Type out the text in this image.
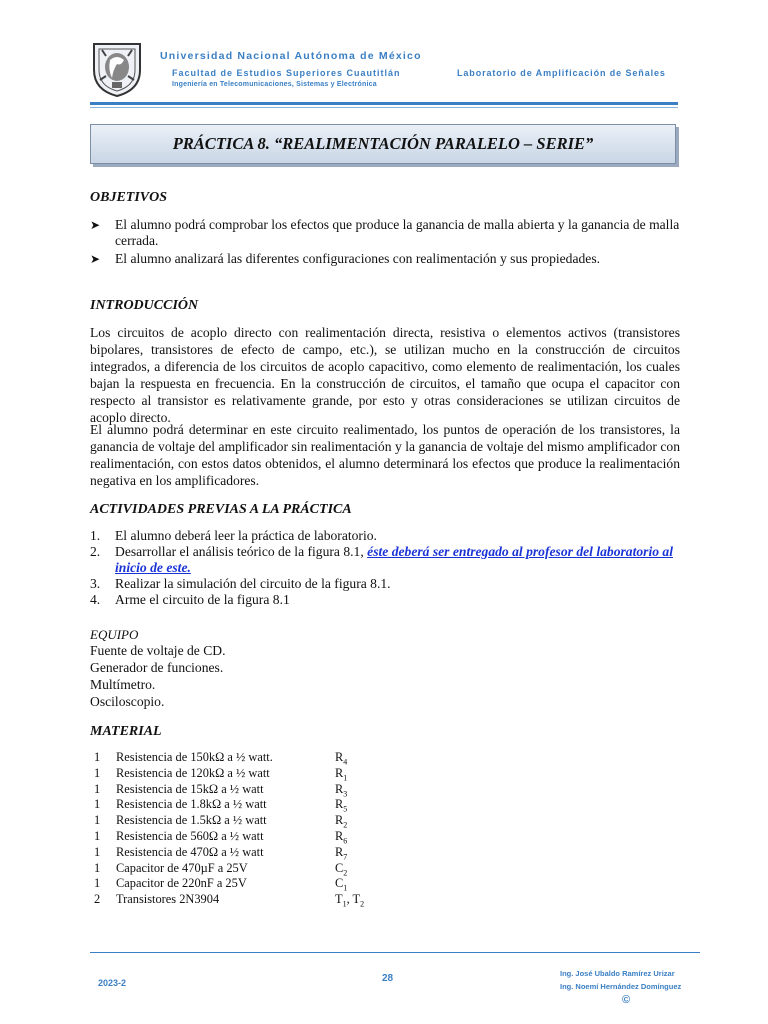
Universidad Nacional Autónoma de México
Facultad de Estudios Superiores Cuautitlán
Ingeniería en Telecomunicaciones, Sistemas y Electrónica
Laboratorio de Amplificación de Señales
PRÁCTICA 8. “REALIMENTACIÓN PARALELO – SERIE”
OBJETIVOS
➤	El alumno podrá comprobar los efectos que produce la ganancia de malla abierta y la ganancia de malla cerrada.
➤	El alumno analizará las diferentes configuraciones con realimentación y sus propiedades.
INTRODUCCIÓN
Los circuitos de acoplo directo con realimentación directa, resistiva o elementos activos (transistores bipolares, transistores de efecto de campo, etc.), se utilizan mucho en la construcción de circuitos integrados, a diferencia de los circuitos de acoplo capacitivo, como elemento de realimentación, los cuales bajan la respuesta en frecuencia. En la construcción de circuitos, el tamaño que ocupa el capacitor con respecto al transistor es relativamente grande, por esto y otras consideraciones se utilizan circuitos de acoplo directo.
El alumno podrá determinar en este circuito realimentado, los puntos de operación de los transistores, la ganancia de voltaje del amplificador sin realimentación y la ganancia de voltaje del mismo amplificador con realimentación, con estos datos obtenidos, el alumno determinará los efectos que produce la realimentación negativa en los amplificadores.
ACTIVIDADES PREVIAS A LA PRÁCTICA
1.	El alumno deberá leer la práctica de laboratorio.
2.	Desarrollar el análisis teórico de la figura 8.1, éste deberá ser entregado al profesor del laboratorio al inicio de este.
3.	Realizar la simulación del circuito de la figura 8.1.
4.	Arme el circuito de la figura 8.1
EQUIPO
Fuente de voltaje de CD.
Generador de funciones.
Multímetro.
Osciloscopio.
MATERIAL
1	Resistencia de 150kΩ a ½ watt.	$R_4$
1	Resistencia de 120kΩ a ½ watt	$R_1$
1	Resistencia de 15kΩ a ½ watt	$R_3$
1	Resistencia de 1.8kΩ a ½ watt	$R_5$
1	Resistencia de 1.5kΩ a ½ watt	$R_2$
1	Resistencia de 560Ω a ½ watt	$R_6$
1	Resistencia de 470Ω a ½ watt	$R_7$
1	Capacitor de 470µF a 25V	$C_2$
1	Capacitor de 220nF a 25V	$C_1$
2	Transistores 2N3904	$T_1$, $T_2$
2023-2	28	Ing. José Ubaldo Ramírez Urizar
Ing. Noemí Hernández Domínguez
©
